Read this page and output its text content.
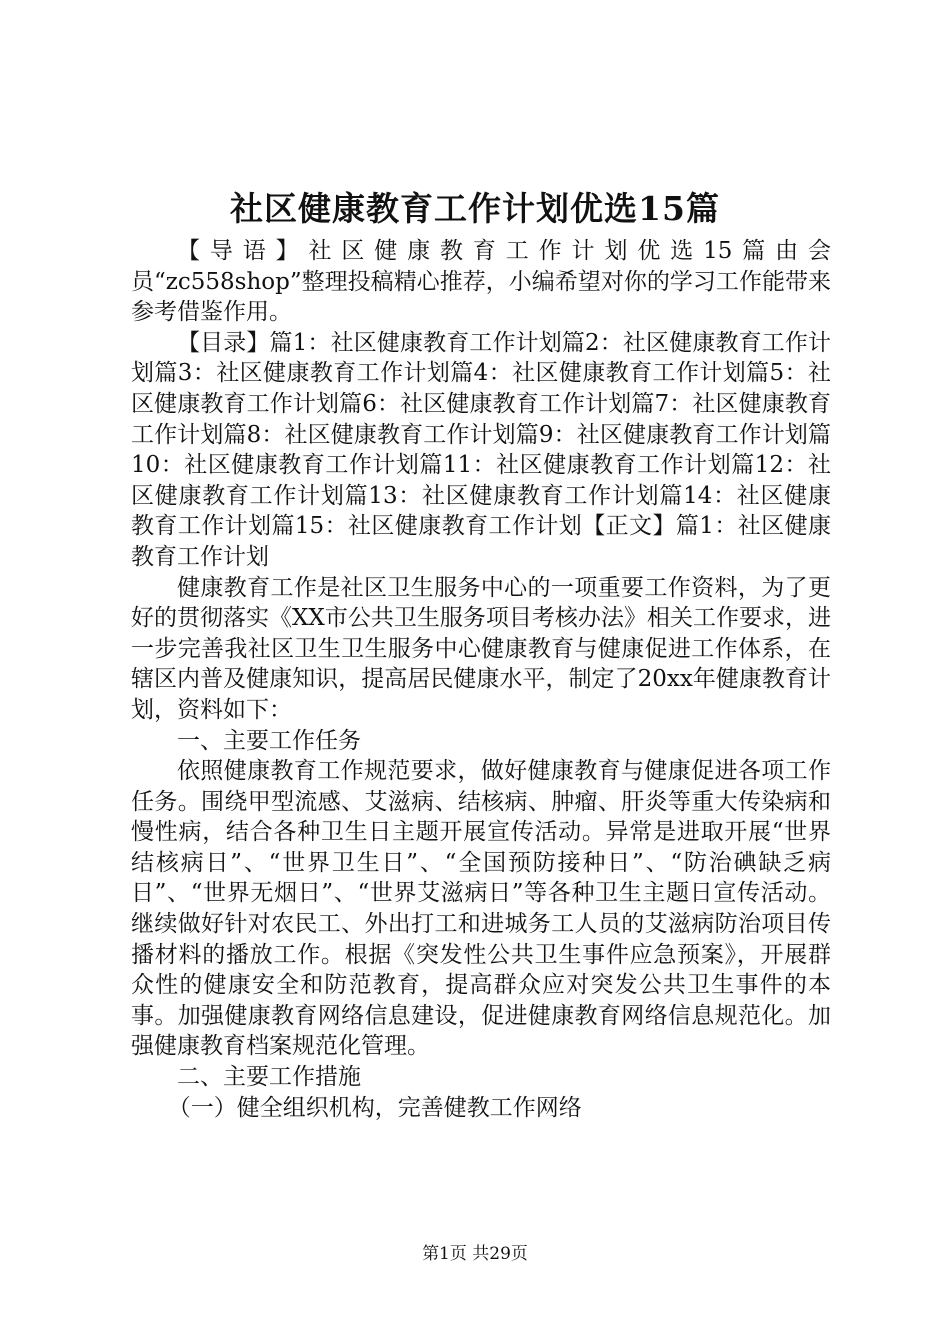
社区健康教育工作计划优选15篇

【导语】社区健康教育工作计划优选15篇由会员“zc558shop”整理投稿精心推荐，小编希望对你的学习工作能带来参考借鉴作用。

【目录】篇1：社区健康教育工作计划篇2：社区健康教育工作计划篇3：社区健康教育工作计划篇4：社区健康教育工作计划篇5：社区健康教育工作计划篇6：社区健康教育工作计划篇7：社区健康教育工作计划篇8：社区健康教育工作计划篇9：社区健康教育工作计划篇10：社区健康教育工作计划篇11：社区健康教育工作计划篇12：社区健康教育工作计划篇13：社区健康教育工作计划篇14：社区健康教育工作计划篇15：社区健康教育工作计划【正文】篇1：社区健康教育工作计划

健康教育工作是社区卫生服务中心的一项重要工作资料，为了更好的贯彻落实《XX市公共卫生服务项目考核办法》相关工作要求，进一步完善我社区卫生卫生服务中心健康教育与健康促进工作体系，在辖区内普及健康知识，提高居民健康水平，制定了20xx年健康教育计划，资料如下：

一、主要工作任务

依照健康教育工作规范要求，做好健康教育与健康促进各项工作任务。围绕甲型流感、艾滋病、结核病、肿瘤、肝炎等重大传染病和慢性病，结合各种卫生日主题开展宣传活动。异常是进取开展“世界结核病日”、“世界卫生日”、“全国预防接种日”、“防治碘缺乏病日”、“世界无烟日”、“世界艾滋病日”等各种卫生主题日宣传活动。继续做好针对农民工、外出打工和进城务工人员的艾滋病防治项目传播材料的播放工作。根据《突发性公共卫生事件应急预案》，开展群众性的健康安全和防范教育，提高群众应对突发公共卫生事件的本事。加强健康教育网络信息建设，促进健康教育网络信息规范化。加强健康教育档案规范化管理。

二、主要工作措施

（一）健全组织机构，完善健教工作网络

第1页 共29页
